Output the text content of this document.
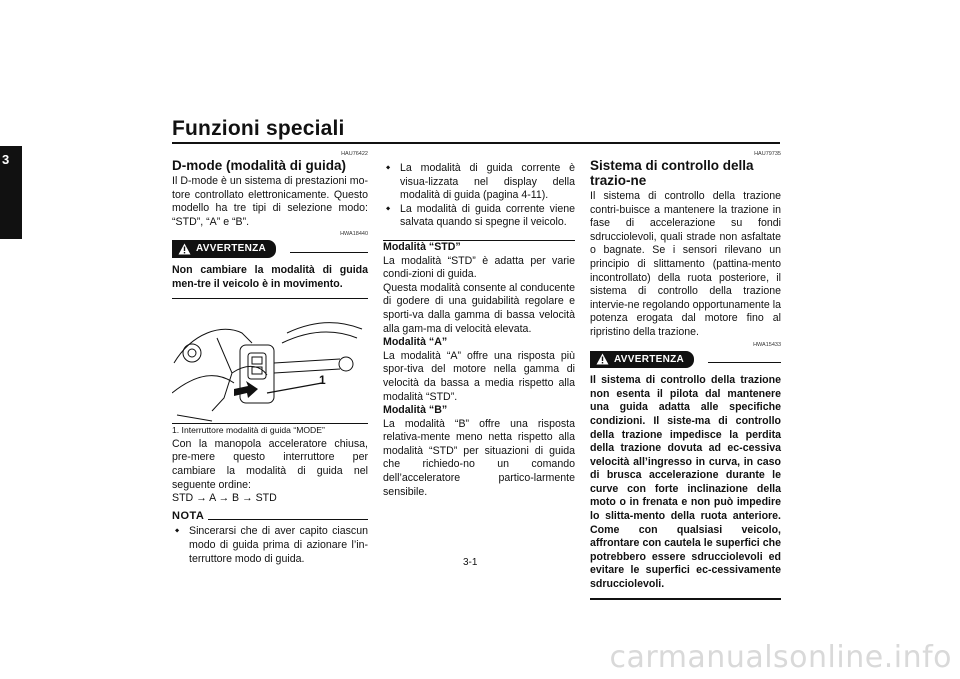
Funzioni speciali
3	HAU76422

D-mode (modalità di guida)

Il D-mode è un sistema di prestazioni mo-tore controllato elettronicamente. Questo modello ha tre tipi di selezione modo: “STD”, “A” e “B”.

HWA18440

AVVERTENZA

Non cambiare la modalità di guida men-tre il veicolo è in movimento.

1

1. Interruttore modalità di guida “MODE”

Con la manopola acceleratore chiusa, pre-mere questo interruttore per cambiare la modalità di guida nel seguente ordine:

STD → A → B → STD

NOTA
⬥ Sincerarsi che di aver capito ciascun modo di guida prima di azionare l’in-terruttore modo di guida.
⬥ La modalità di guida corrente è visua-lizzata nel display della modalità di guida (pagina 4-11).
⬥ La modalità di guida corrente viene salvata quando si spegne il veicolo.

Modalità “STD”

La modalità “STD” è adatta per varie condi-zioni di guida.
Questa modalità consente al conducente di godere di una guidabilità regolare e sporti-va dalla gamma di bassa velocità alla gam-ma di velocità elevata.

Modalità “A”

La modalità “A” offre una risposta più spor-tiva del motore nella gamma di velocità da bassa a media rispetto alla modalità “STD”.

Modalità “B”

La modalità “B” offre una risposta relativa-mente meno netta rispetto alla modalità “STD” per situazioni di guida che richiedo-no un comando dell’acceleratore partico-larmente sensibile.

HAU79735

Sistema di controllo della trazio-ne

Il sistema di controllo della trazione contri-buisce a mantenere la trazione in fase di accelerazione su fondi sdrucciolevoli, quali strade non asfaltate o bagnate. Se i sensori rilevano un principio di slittamento (pattina-mento incontrollato) della ruota posteriore, il sistema di controllo della trazione intervie-ne regolando opportunamente la potenza erogata dal motore fino al ripristino della trazione.

HWA15433

AVVERTENZA

Il sistema di controllo della trazione non esenta il pilota dal mantenere una guida adatta alle specifiche condizioni. Il siste-ma di controllo della trazione impedisce la perdita della trazione dovuta ad ec-cessiva velocità all’ingresso in curva, in caso di brusca accelerazione durante le curve con forte inclinazione della moto o in frenata e non può impedire lo slitta-mento della ruota anteriore. Come con qualsiasi veicolo, affrontare con cautela le superfici che potrebbero essere sdrucciolevoli ed evitare le superfici ec-cessivamente sdrucciolevoli.

3-1
carmanualsonline.info
